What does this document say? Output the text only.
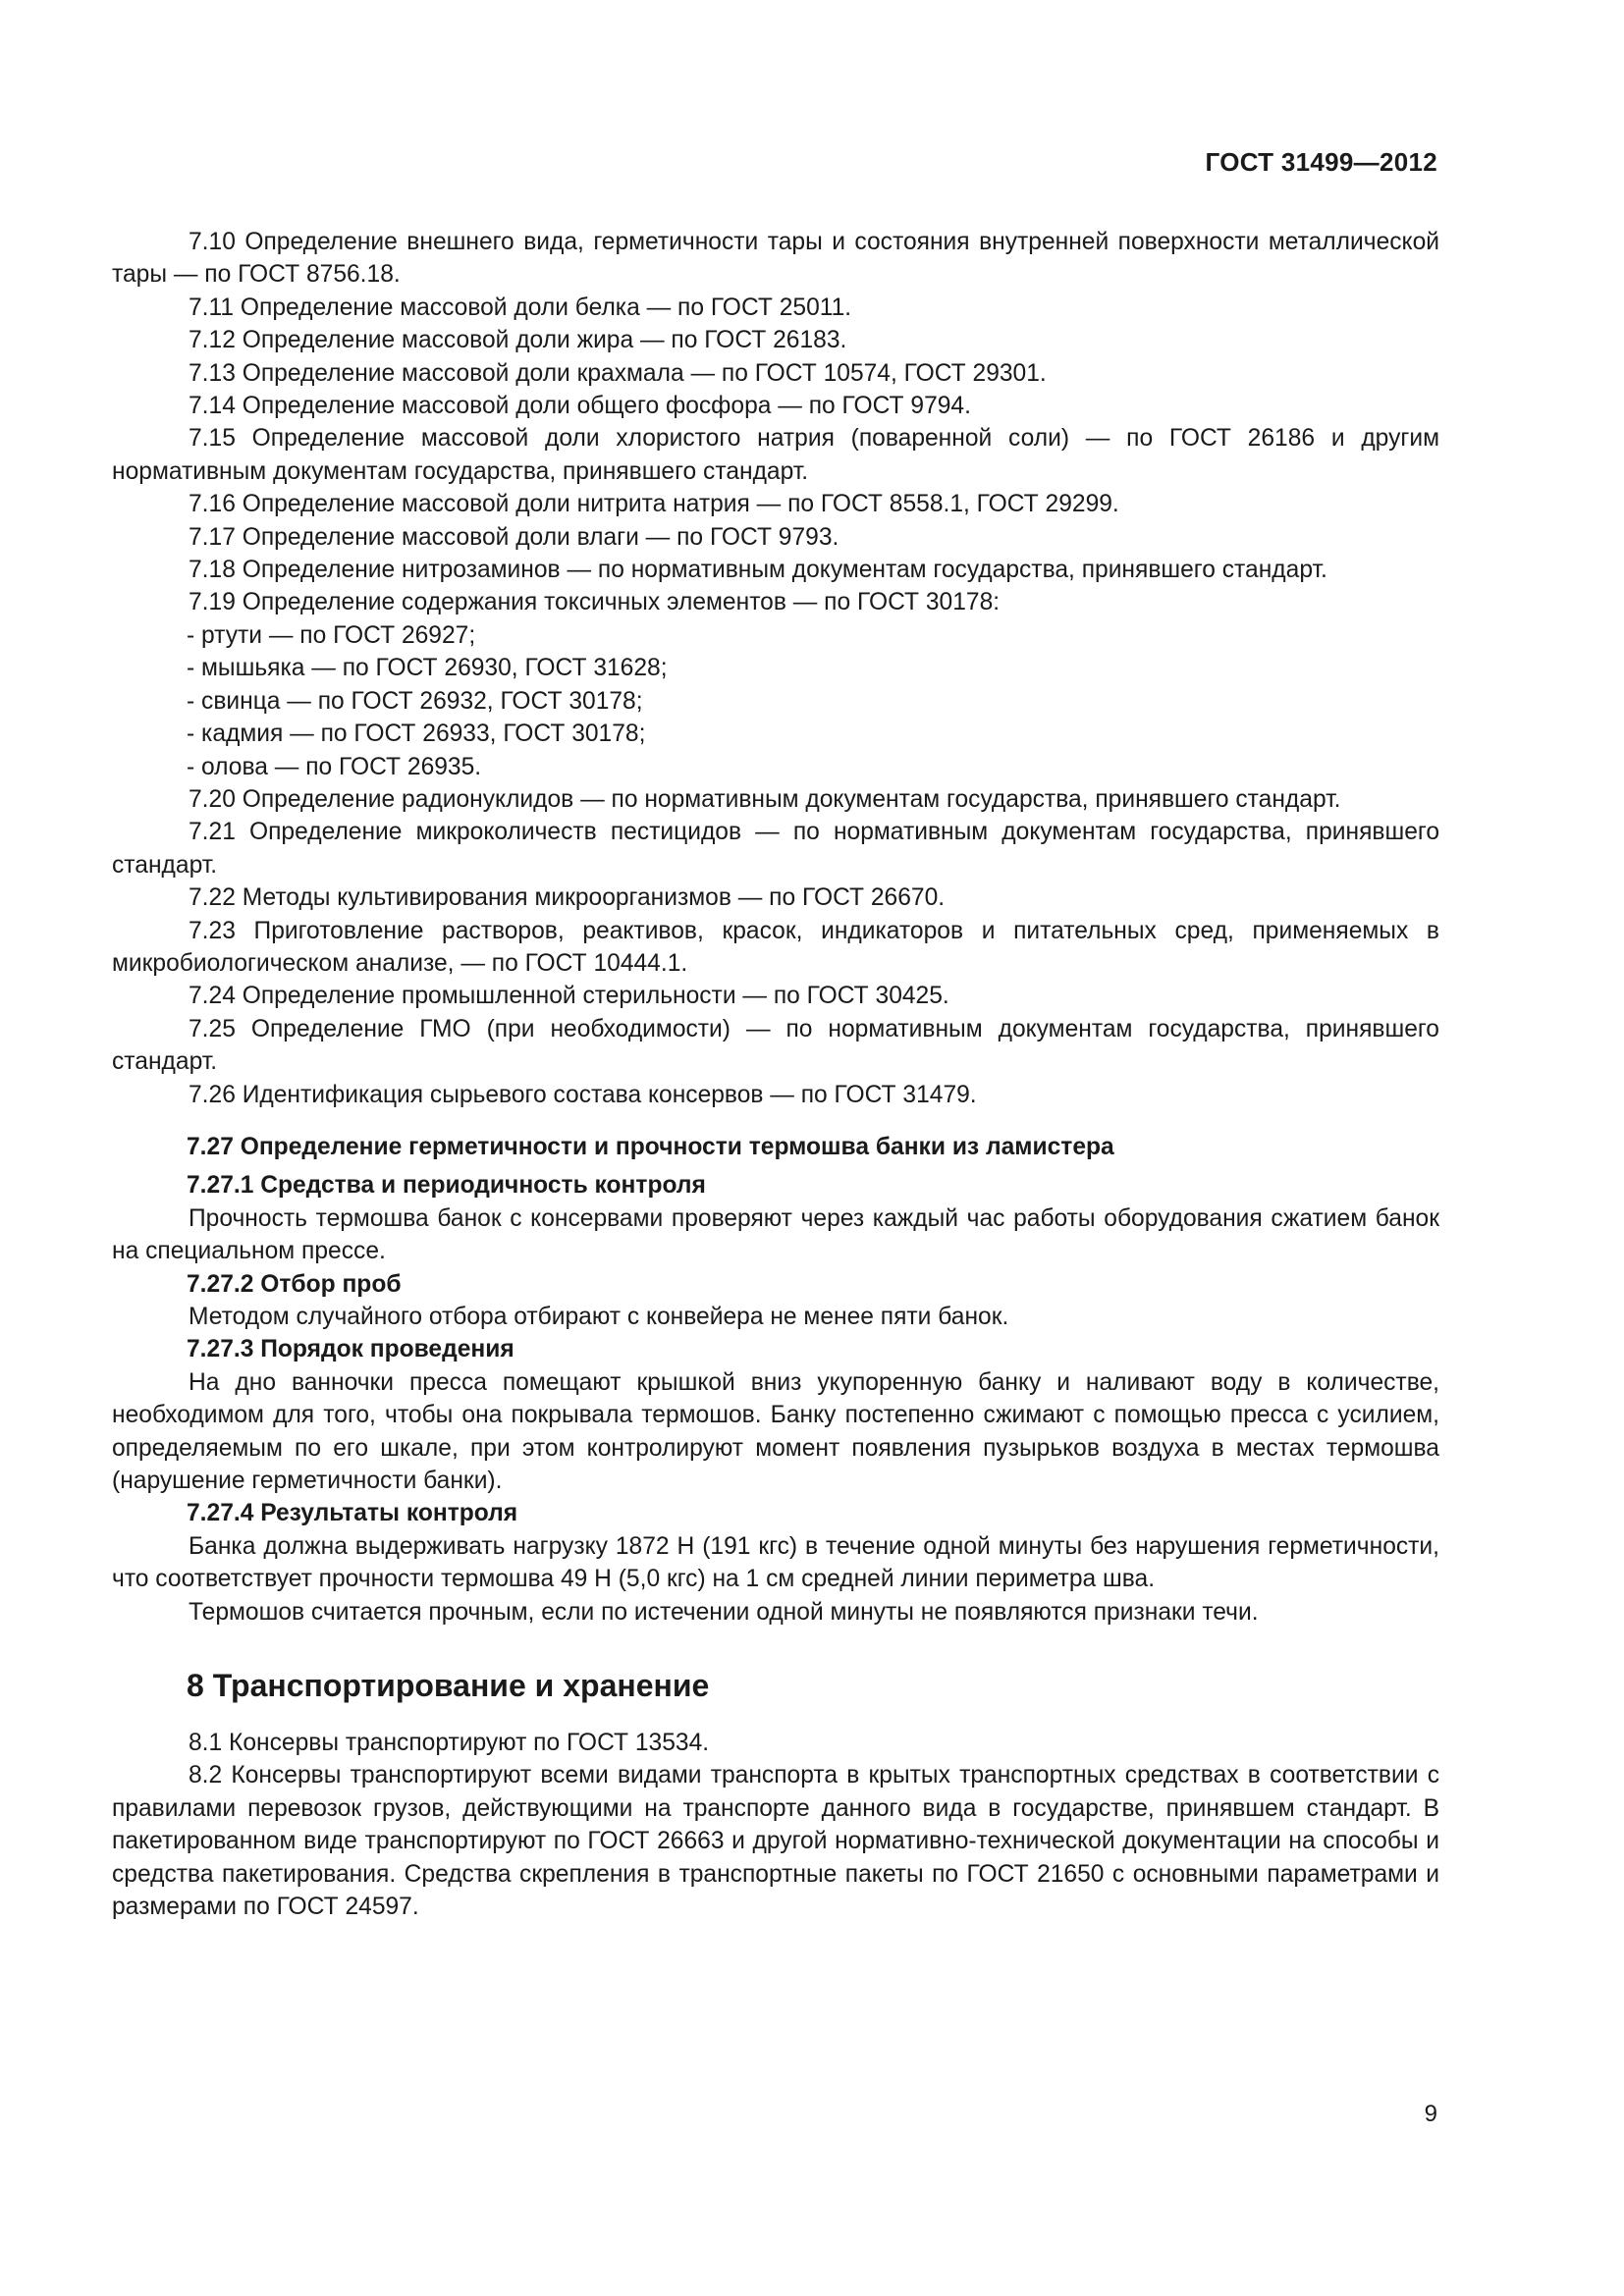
ГОСТ 31499—2012

7.10 Определение внешнего вида, герметичности тары и состояния внутренней поверхности металлической тары — по ГОСТ 8756.18.

7.11 Определение массовой доли белка — по ГОСТ 25011.

7.12 Определение массовой доли жира — по ГОСТ 26183.

7.13 Определение массовой доли крахмала — по ГОСТ 10574, ГОСТ 29301.

7.14 Определение массовой доли общего фосфора — по ГОСТ 9794.

7.15 Определение массовой доли хлористого натрия (поваренной соли) — по ГОСТ 26186 и другим нормативным документам государства, принявшего стандарт.

7.16 Определение массовой доли нитрита натрия — по ГОСТ 8558.1, ГОСТ 29299.

7.17 Определение массовой доли влаги — по ГОСТ 9793.

7.18 Определение нитрозаминов — по нормативным документам государства, принявшего стандарт.

7.19 Определение содержания токсичных элементов — по ГОСТ 30178:

- ртути — по ГОСТ 26927;

- мышьяка — по ГОСТ 26930, ГОСТ 31628;

- свинца — по ГОСТ 26932, ГОСТ 30178;

- кадмия — по ГОСТ 26933, ГОСТ 30178;

- олова — по ГОСТ 26935.

7.20 Определение радионуклидов — по нормативным документам государства, принявшего стандарт.

7.21 Определение микроколичеств пестицидов — по нормативным документам государства, принявшего стандарт.

7.22 Методы культивирования микроорганизмов — по ГОСТ 26670.

7.23 Приготовление растворов, реактивов, красок, индикаторов и питательных сред, применяемых в микробиологическом анализе, — по ГОСТ 10444.1.

7.24 Определение промышленной стерильности — по ГОСТ 30425.

7.25 Определение ГМО (при необходимости) — по нормативным документам государства, принявшего стандарт.

7.26 Идентификация сырьевого состава консервов — по ГОСТ 31479.

7.27 Определение герметичности и прочности термошва банки из ламистера

7.27.1 Средства и периодичность контроля

Прочность термошва банок с консервами проверяют через каждый час работы оборудования сжатием банок на специальном прессе.

7.27.2 Отбор проб

Методом случайного отбора отбирают с конвейера не менее пяти банок.

7.27.3 Порядок проведения

На дно ванночки пресса помещают крышкой вниз укупоренную банку и наливают воду в количестве, необходимом для того, чтобы она покрывала термошов. Банку постепенно сжимают с помощью пресса с усилием, определяемым по его шкале, при этом контролируют момент появления пузырьков воздуха в местах термошва (нарушение герметичности банки).

7.27.4 Результаты контроля

Банка должна выдерживать нагрузку 1872 Н (191 кгс) в течение одной минуты без нарушения герметичности, что соответствует прочности термошва 49 Н (5,0 кгс) на 1 см средней линии периметра шва.

Термошов считается прочным, если по истечении одной минуты не появляются признаки течи.

8 Транспортирование и хранение

8.1 Консервы транспортируют по ГОСТ 13534.

8.2 Консервы транспортируют всеми видами транспорта в крытых транспортных средствах в соответствии с правилами перевозок грузов, действующими на транспорте данного вида в государстве, принявшем стандарт. В пакетированном виде транспортируют по ГОСТ 26663 и другой нормативно-технической документации на способы и средства пакетирования. Средства скрепления в транспортные пакеты по ГОСТ 21650 с основными параметрами и размерами по ГОСТ 24597.

9
